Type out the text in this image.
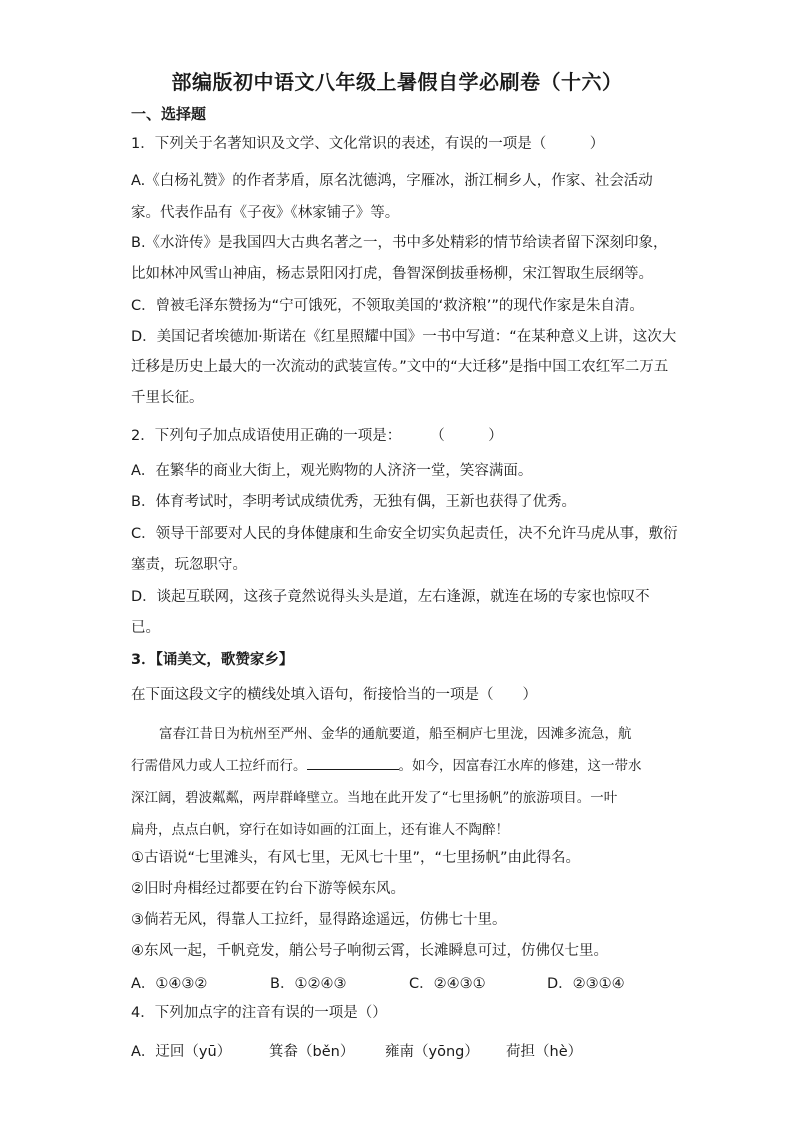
部编版初中语文八年级上暑假自学必刷卷（十六）
一、选择题
1．下列关于名著知识及文学、文化常识的表述，有误的一项是（　　　）
A.《白杨礼赞》的作者茅盾，原名沈德鸿，字雁冰，浙江桐乡人，作家、社会活动
家。代表作品有《子夜》《林家铺子》等。
B.《水浒传》是我国四大古典名著之一，书中多处精彩的情节给读者留下深刻印象，
比如林冲风雪山神庙，杨志景阳冈打虎，鲁智深倒拔垂杨柳，宋江智取生辰纲等。
C．曾被毛泽东赞扬为“宁可饿死，不领取美国的‘救济粮’”的现代作家是朱自清。
D．美国记者埃德加·斯诺在《红星照耀中国》一书中写道：“在某种意义上讲，这次大
迁移是历史上最大的一次流动的武装宣传。”文中的“大迁移”是指中国工农红军二万五
千里长征。
2．下列句子加点成语使用正确的一项是：　　　（　　　）
A．在繁华的商业大街上，观光购物的人济济一堂，笑容满面。
B．体育考试时，李明考试成绩优秀，无独有偶，王新也获得了优秀。
C．领导干部要对人民的身体健康和生命安全切实负起责任，决不允许马虎从事，敷衍
塞责，玩忽职守。
D．谈起互联网，这孩子竟然说得头头是道，左右逢源，就连在场的专家也惊叹不
已。
3．【诵美文，歌赞家乡】
在下面这段文字的横线处填入语句，衔接恰当的一项是（　　）
富春江昔日为杭州至严州、金华的通航要道，船至桐庐七里泷，因滩多流急，航
行需借风力或人工拉纤而行。	。如今，因富春江水库的修建，这一带水
深江阔，碧波粼粼，两岸群峰壁立。当地在此开发了“七里扬帆”的旅游项目。一叶
扁舟，点点白帆，穿行在如诗如画的江面上，还有谁人不陶醉！
①古语说“七里滩头，有风七里，无风七十里”，“七里扬帆”由此得名。
②旧时舟楫经过都要在钓台下游等候东风。
③倘若无风，得靠人工拉纤，显得路途遥远，仿佛七十里。
④东风一起，千帆竞发，艄公号子响彻云霄，长滩瞬息可过，仿佛仅七里。
A．①④③②	B．①②④③	C．②④③①	D．②③①④
4．下列加点字的注音有误的一项是（）
A．迂回（yū）	箕畚（běn） 雍南（yōng） 荷担（hè）
